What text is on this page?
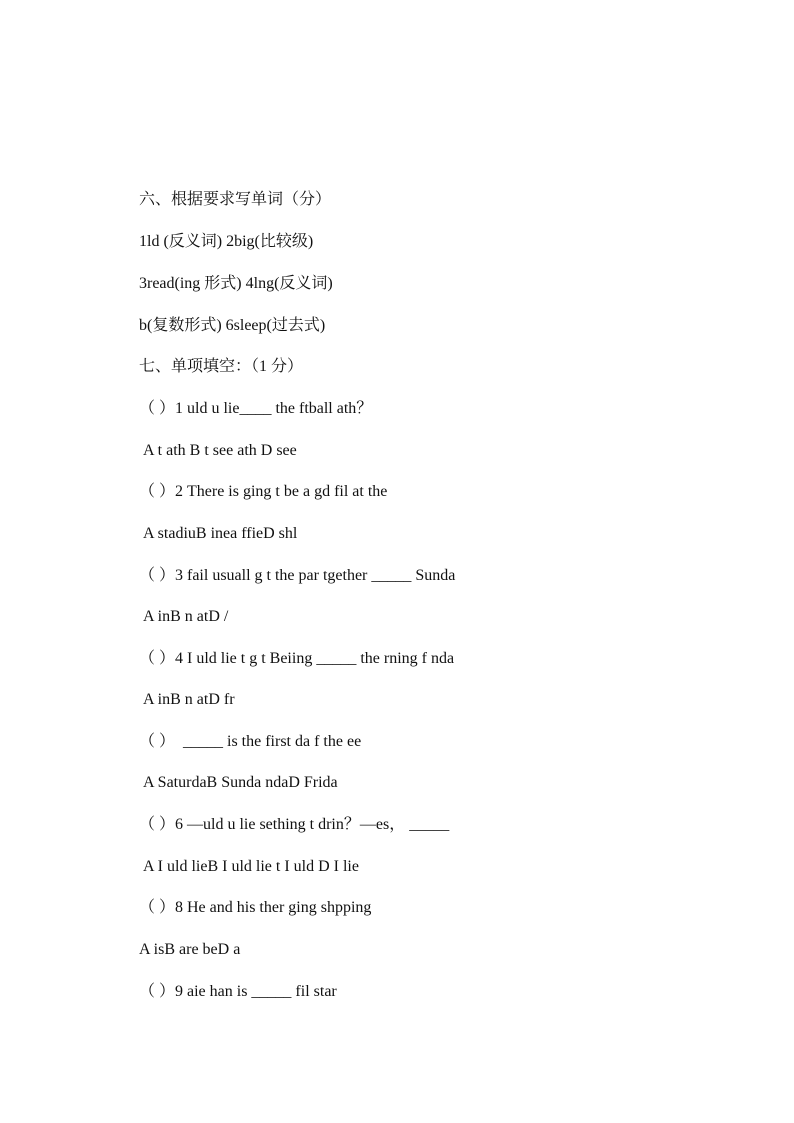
六、根据要求写单词（分）
1ld (反义词) 2big(比较级)
3read(ing 形式) 4lng(反义词)
b(复数形式) 6sleep(过去式)
七、单项填空：（1 分）
（ ）1 uld u lie____ the ftball ath？
A t ath B t see ath D see
（ ）2 There is ging t be a gd fil at the
A stadiuB inea ffieD shl
（ ）3 fail usuall g t the par tgether _____ Sunda
A inB n atD /
（ ）4 I uld lie t g t Beiing _____ the rning f nda
A inB n atD fr
（ ）  _____ is the first da f the ee
A SaturdaB Sunda ndaD Frida
（ ）6 —uld u lie sething t drin？—es， _____
A I uld lieB I uld lie t I uld D I lie
（ ）8 He and his ther ging shpping
A isB are beD a
（ ）9 aie han is _____ fil star
